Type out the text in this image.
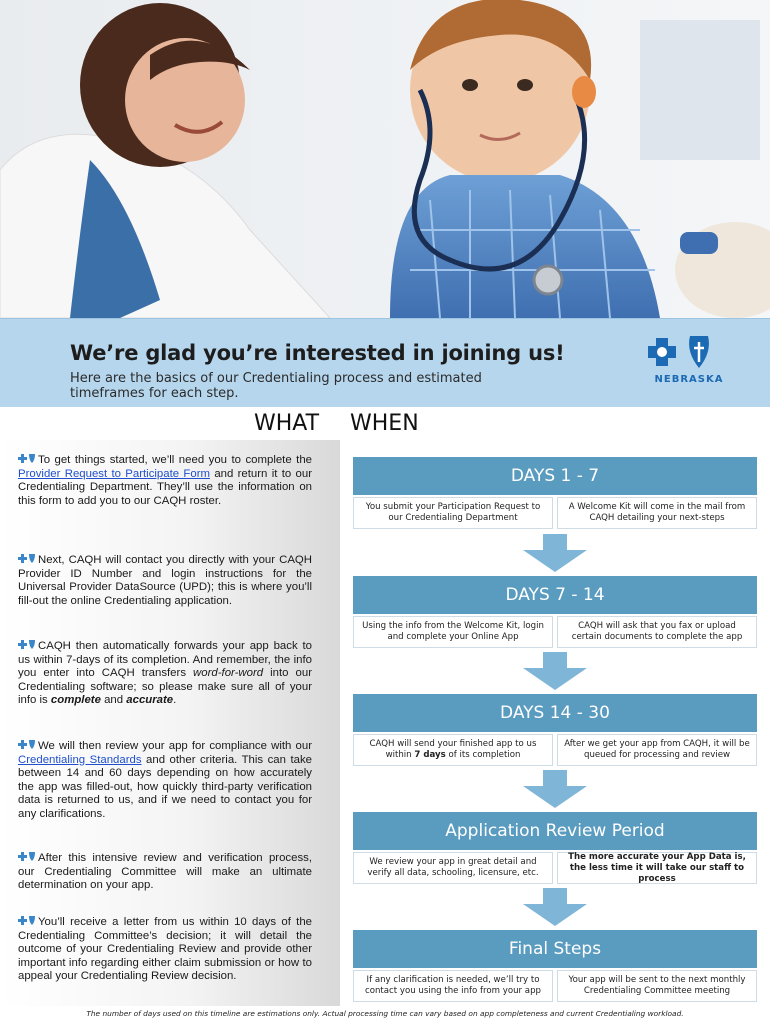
We’re glad you’re interested in joining us!
Here are the basics of our Credentialing process and estimated timeframes for each step.
NEBRASKA
WHAT WHEN
To get things started, we’ll need you to complete the Provider Request to Participate Form and return it to our Credentialing Department. They’ll use the information on this form to add you to our CAQH roster.
Next, CAQH will contact you directly with your CAQH Provider ID Number and login instructions for the Universal Provider DataSource (UPD); this is where you’ll fill-out the online Credentialing application.
CAQH then automatically forwards your app back to us within 7-days of its completion. And remember, the info you enter into CAQH transfers word-for-word into our Credentialing software; so please make sure all of your info is complete and accurate.
We will then review your app for compliance with our Credentialing Standards and other criteria. This can take between 14 and 60 days depending on how accurately the app was filled-out, how quickly third-party verification data is returned to us, and if we need to contact you for any clarifications.
After this intensive review and verification process, our Credentialing Committee will make an ultimate determination on your app.
You’ll receive a letter from us within 10 days of the Credentialing Committee’s decision; it will detail the outcome of your Credentialing Review and provide other important info regarding either claim submission or how to appeal your Credentialing Review decision.
DAYS 1 - 7
You submit your Participation Request to our Credentialing Department
A Welcome Kit will come in the mail from CAQH detailing your next-steps
DAYS 7 - 14
Using the info from the Welcome Kit, login and complete your Online App
CAQH will ask that you fax or upload certain documents to complete the app
DAYS 14 - 30
CAQH will send your finished app to us within 7 days of its completion
After we get your app from CAQH, it will be queued for processing and review
Application Review Period
We review your app in great detail and verify all data, schooling, licensure, etc.
The more accurate your App Data is, the less time it will take our staff to process
Final Steps
If any clarification is needed, we’ll try to contact you using the info from your app
Your app will be sent to the next monthly Credentialing Committee meeting
The number of days used on this timeline are estimations only. Actual processing time can vary based on app completeness and current Credentialing workload.
